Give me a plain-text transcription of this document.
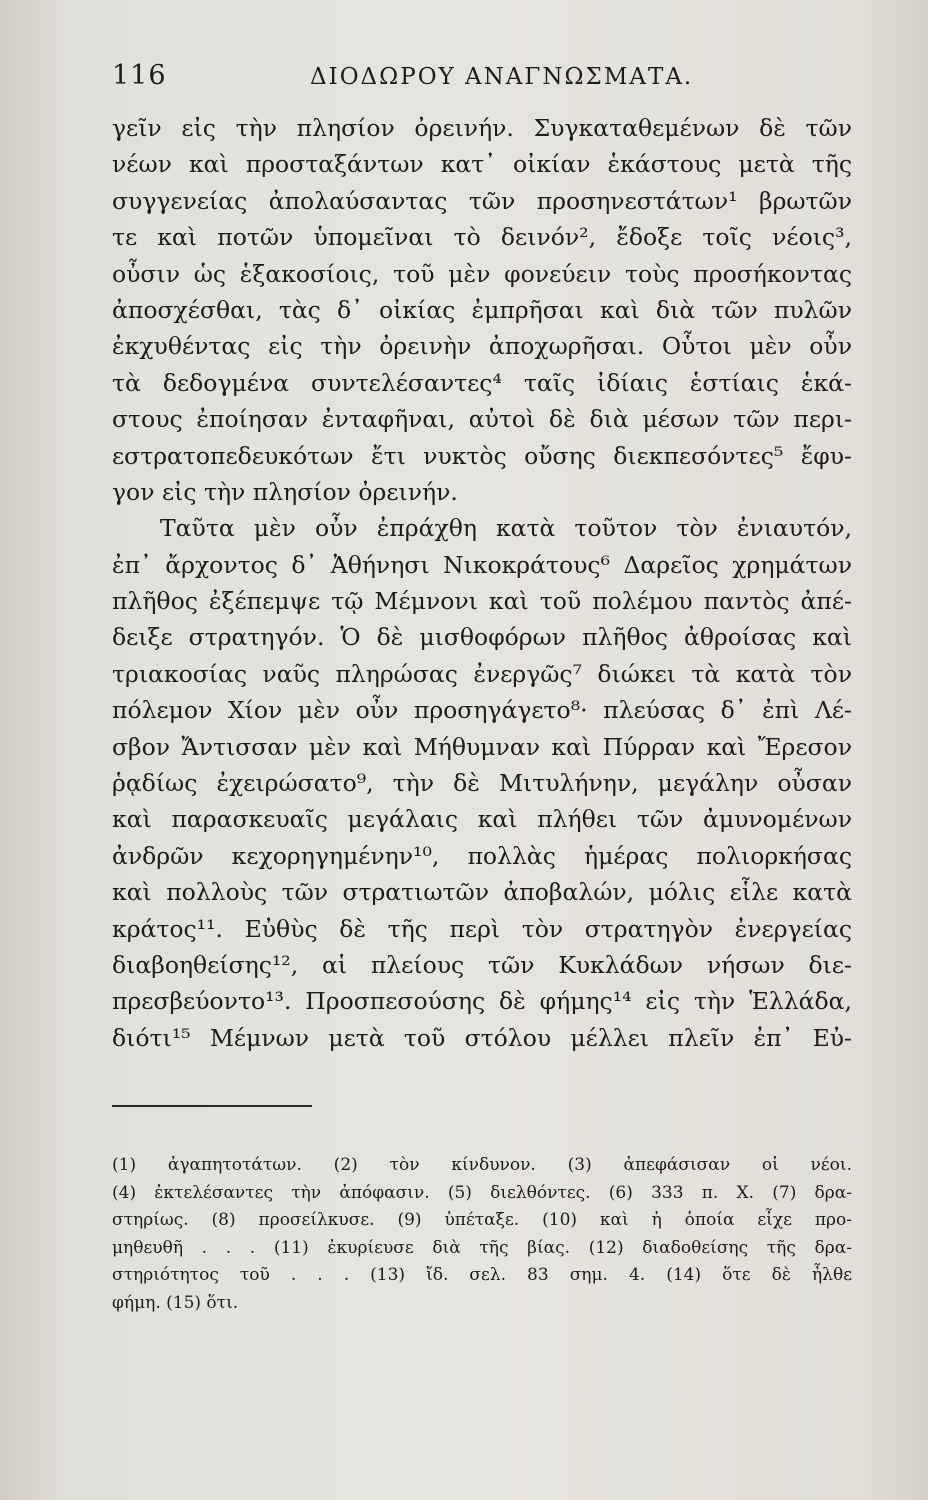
116	ΔΙΟΔΩΡΟΥ ΑΝΑΓΝΩΣΜΑΤΑ.
γεῖν εἰς τὴν πλησίον ὀρεινήν. Συγκαταθεμένων δὲ τῶν
νέων καὶ προσταξάντων κατ᾽ οἰκίαν ἑκάστους μετὰ τῆς
συγγενείας ἀπολαύσαντας τῶν προσηνεστάτων¹ βρωτῶν
τε καὶ ποτῶν ὑπομεῖναι τὸ δεινόν², ἔδοξε τοῖς νέοις³,
οὖσιν ὡς ἑξακοσίοις, τοῦ μὲν φονεύειν τοὺς προσήκοντας
ἀποσχέσθαι, τὰς δ᾽ οἰκίας ἐμπρῆσαι καὶ διὰ τῶν πυλῶν
ἐκχυθέντας εἰς τὴν ὀρεινὴν ἀποχωρῆσαι. Οὗτοι μὲν οὖν
τὰ δεδογμένα συντελέσαντες⁴ ταῖς ἰδίαις ἑστίαις ἑκά-
στους ἐποίησαν ἐνταφῆναι, αὐτοὶ δὲ διὰ μέσων τῶν περι-
εστρατοπεδευκότων ἔτι νυκτὸς οὔσης διεκπεσόντες⁵ ἔφυ-
γον εἰς τὴν πλησίον ὀρεινήν.
Ταῦτα μὲν οὖν ἐπράχθη κατὰ τοῦτον τὸν ἐνιαυτόν,
ἐπ᾽ ἄρχοντος δ᾽ Ἀθήνησι Νικοκράτους⁶ Δαρεῖος χρημάτων
πλῆθος ἐξέπεμψε τῷ Μέμνονι καὶ τοῦ πολέμου παντὸς ἀπέ-
δειξε στρατηγόν. Ὁ δὲ μισθοφόρων πλῆθος ἀθροίσας καὶ
τριακοσίας ναῦς πληρώσας ἐνεργῶς⁷ διώκει τὰ κατὰ τὸν
πόλεμον Χίον μὲν οὖν προσηγάγετο⁸· πλεύσας δ᾽ ἐπὶ Λέ-
σβον Ἄντισσαν μὲν καὶ Μήθυμναν καὶ Πύρραν καὶ Ἔρεσον
ῥᾳδίως ἐχειρώσατο⁹, τὴν δὲ Μιτυλήνην, μεγάλην οὖσαν
καὶ παρασκευαῖς μεγάλαις καὶ πλήθει τῶν ἀμυνομένων
ἀνδρῶν κεχορηγημένην¹⁰, πολλὰς ἡμέρας πολιορκήσας
καὶ πολλοὺς τῶν στρατιωτῶν ἀποβαλών, μόλις εἷλε κατὰ
κράτος¹¹. Εὐθὺς δὲ τῆς περὶ τὸν στρατηγὸν ἐνεργείας
διαβοηθείσης¹², αἱ πλείους τῶν Κυκλάδων νήσων διε-
πρεσβεύοντο¹³. Προσπεσούσης δὲ φήμης¹⁴ εἰς τὴν Ἑλλάδα,
διότι¹⁵ Μέμνων μετὰ τοῦ στόλου μέλλει πλεῖν ἐπ᾽ Εὐ-
(1) ἀγαπητοτάτων. (2) τὸν κίνδυνον. (3) ἀπεφάσισαν οἱ νέοι.
(4) ἐκτελέσαντες τὴν ἀπόφασιν. (5) διελθόντες. (6) 333 π. Χ. (7) δρα-
στηρίως. (8) προσείλκυσε. (9) ὑπέταξε. (10) καὶ ἡ ὁποία εἶχε προ-
μηθευθῆ . . . (11) ἐκυρίευσε διὰ τῆς βίας. (12) διαδοθείσης τῆς δρα-
στηριότητος τοῦ . . . (13) ἴδ. σελ. 83 σημ. 4. (14) ὅτε δὲ ἦλθε
φήμη. (15) ὅτι.
